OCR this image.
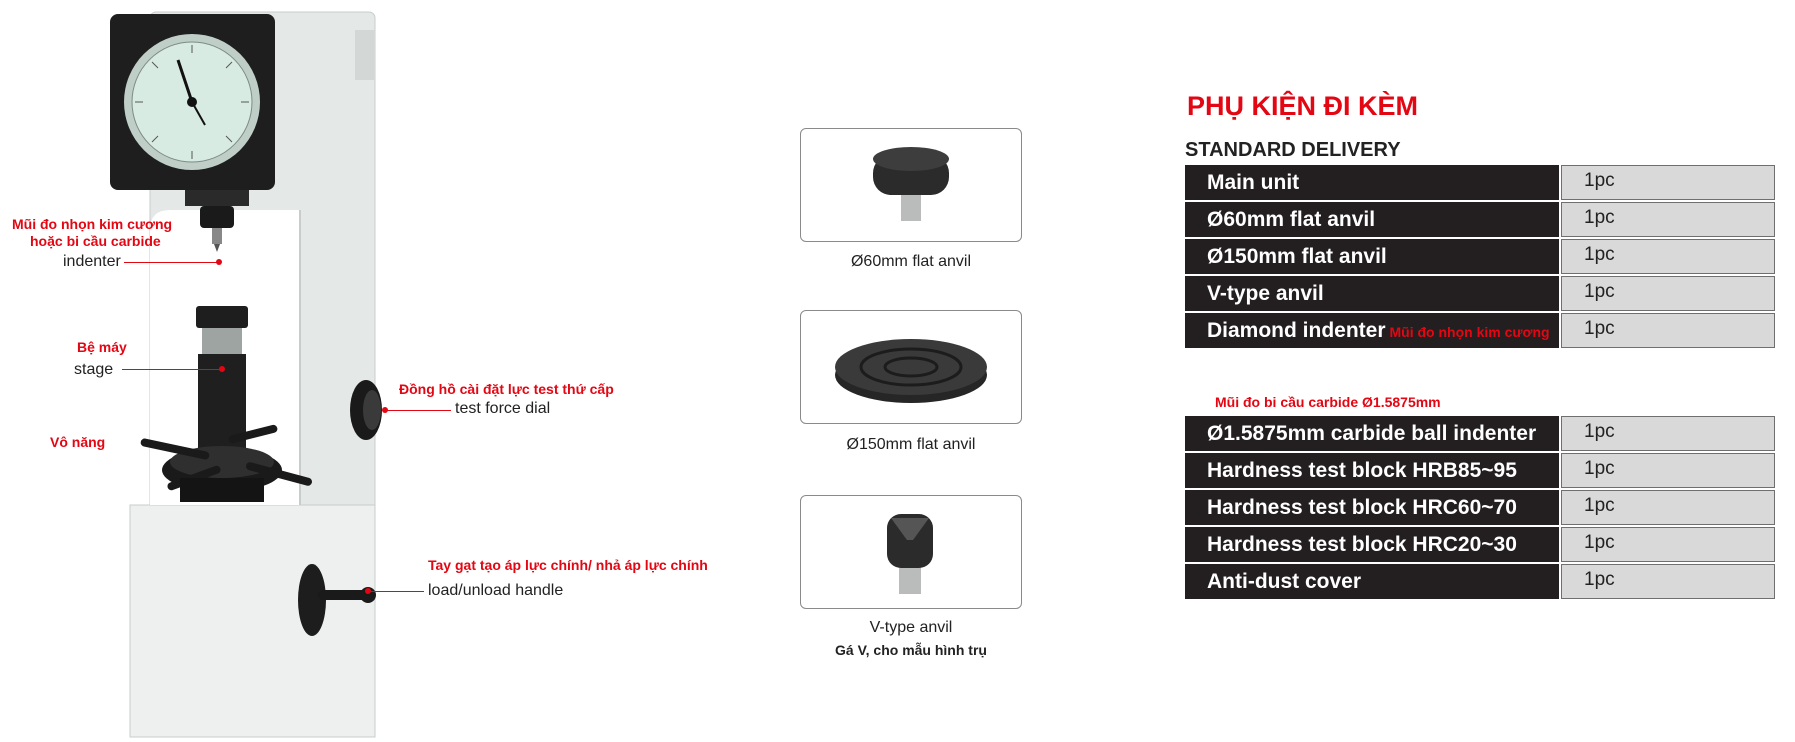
Mũi đo nhọn kim cương
hoặc bi cầu carbide
indenter
Bệ máy
stage
Vô năng
Đồng hồ cài đặt lực test thứ cấp
test force dial
Tay gạt tạo áp lực chính/ nhả áp lực chính
load/unload handle
Ø60mm flat anvil
Ø150mm flat anvil
V-type anvil
Gá V, cho mẫu hình trụ
PHỤ KIỆN ĐI KÈM
STANDARD DELIVERY
Main unit	1pc
Ø60mm flat anvil	1pc
Ø150mm flat anvil	1pc
V-type anvil	1pc
Diamond indenter Mũi đo nhọn kim cương	1pc
Mũi đo bi cầu carbide Ø1.5875mm
Ø1.5875mm carbide ball indenter	1pc
Hardness test block HRB85~95	1pc
Hardness test block HRC60~70	1pc
Hardness test block HRC20~30	1pc
Anti-dust cover	1pc
